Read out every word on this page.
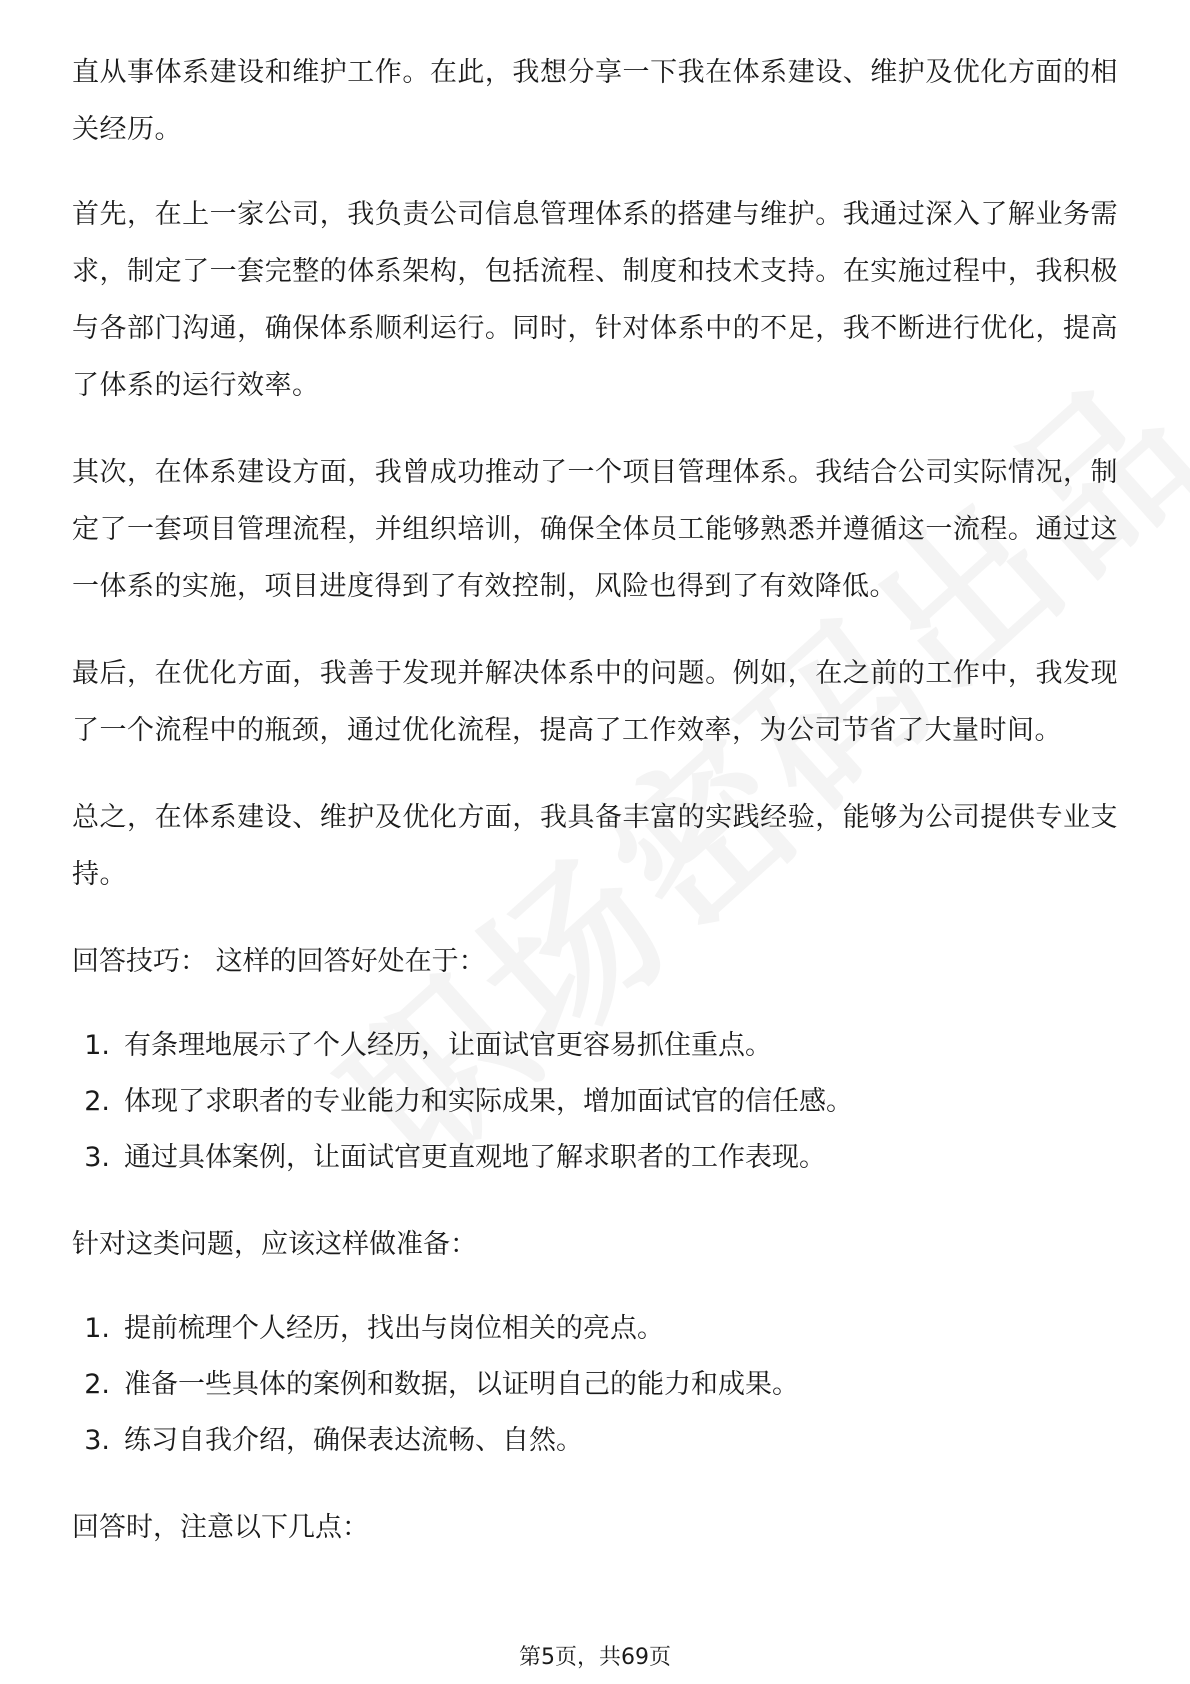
直从事体系建设和维护工作。在此，我想分享一下我在体系建设、维护及优化方面的相关经历。

首先，在上一家公司，我负责公司信息管理体系的搭建与维护。我通过深入了解业务需求，制定了一套完整的体系架构，包括流程、制度和技术支持。在实施过程中，我积极与各部门沟通，确保体系顺利运行。同时，针对体系中的不足，我不断进行优化，提高了体系的运行效率。

其次，在体系建设方面，我曾成功推动了一个项目管理体系。我结合公司实际情况，制定了一套项目管理流程，并组织培训，确保全体员工能够熟悉并遵循这一流程。通过这一体系的实施，项目进度得到了有效控制，风险也得到了有效降低。

最后，在优化方面，我善于发现并解决体系中的问题。例如，在之前的工作中，我发现了一个流程中的瓶颈，通过优化流程，提高了工作效率，为公司节省了大量时间。

总之，在体系建设、维护及优化方面，我具备丰富的实践经验，能够为公司提供专业支持。

回答技巧： 这样的回答好处在于：

1. 有条理地展示了个人经历，让面试官更容易抓住重点。
2. 体现了求职者的专业能力和实际成果，增加面试官的信任感。
3. 通过具体案例，让面试官更直观地了解求职者的工作表现。

针对这类问题，应该这样做准备：

1. 提前梳理个人经历，找出与岗位相关的亮点。
2. 准备一些具体的案例和数据，以证明自己的能力和成果。
3. 练习自我介绍，确保表达流畅、自然。

回答时，注意以下几点：

第5页，共69页
